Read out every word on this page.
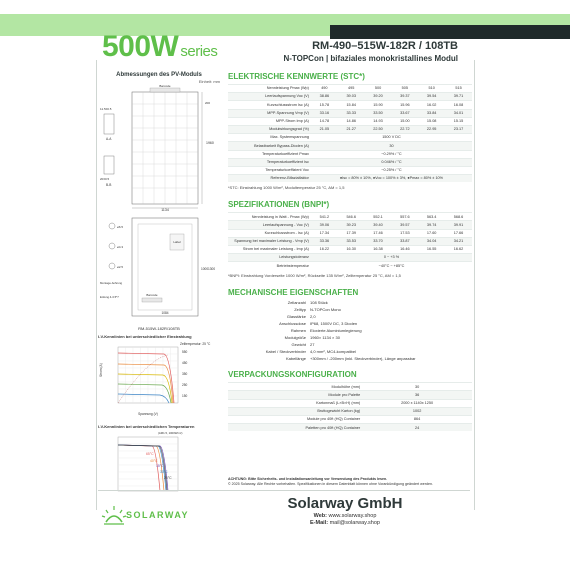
500W series	RM-490–515W-182R / 108TB
N-TOPCon | bifaziales monokristallines Modul
Abmessungen des PV-Moduls
Einheit: mm
Barcode
1960
1134
200
11.5±0.5
A-A
20±0.5
B-B
Label
Barcode
1084
1000 1300
ø6.5
ø4.3
ø2.5
Montage-bohrung
Erdung 4-3.5*7
RM-515W-182R/108TB
I-V-Kennlinien bei unterschiedlicher Einstrahlung
Zelltemperatur: 25 °C
550
450
350
250
150
Spannung (V)
Strom (A)
I-V-Kennlinien bei unterschiedlichen Temperaturen
(AM1.5, 1000W/m²)
65°C
40°C
15°C
30°C
25°C
ELEKTRISCHE KENNWERTE (STC*)
Nennleistung Pmax (Wp)	490	495	500	505	510	515
Leerlaufspannung Voc (V)	38.86	39.03	39.20	39.37	39.54	39.71
Kurzschlussstrom Isc (A)	15.78	15.84	15.90	15.96	16.02	16.08
MPP-Spannung Vmp (V)	33.16	33.33	33.50	33.67	33.84	34.01
MPP-Strom Imp (A)	14.78	14.86	14.93	15.00	15.08	15.15
Modulwirkungsgrad (%)	21.05	21.27	22.50	22.72	22.95	23.17
Max. Systemspannung	1500 V DC					
Belastbarkeit Bypass-Dioden (A)	30					
Temperaturkoeffizient Pmax	−0.29% / °C					
Temperaturkoeffizient Isc	0.046% / °C					
Temperaturkoeffizient Voc	−0.25% / °C					
Referenz-Bifazialfaktor	●Isc = 80% ± 10%, ●Voc = 100% ± 3%, ●Pmax = 80% ± 10%					
*STC: Einstrahlung 1000 W/m², Modultemperatur 25 °C, AM = 1,5
SPEZIFIKATIONEN (BNPI*)
Nennleistung in Watt - Pmax (Wp)	541.2	546.6	552.1	557.6	563.4	568.6
Leerlaufspannung - Voc (V)	39.06	39.23	39.40	39.57	39.74	39.91
Kurzschlussstrom - Isc (A)	17.34	17.39	17.46	17.53	17.60	17.66
Spannung bei maximaler Leistung - Vmp (V)	33.36	33.53	33.70	33.87	34.04	34.21
Strom bei maximaler Leistung - Imp (A)	16.22	16.30	16.38	16.46	16.55	16.62
Leistungstoleranz	0 ~ +3 %					
Betriebstemperatur	−40°C ~ +85°C					
*BNPI: Einstrahlung Vorderseite 1000 W/m², Rückseite 135 W/m², Zelltemperatur 25 °C, AM = 1,5
MECHANISCHE EIGENSCHAFTEN
Zellanzahl	108 Stück
Zelltyp	N-TOPCon Mono
Glasstärke	2,0
Anschlussdose	IP68, 1500V DC, 3 Dioden
Rahmen	Eloxierte Aluminiumlegierung
Modulgröße	1960× 1134 × 30
Gewicht	27
Kabel / Steckverbinder	4,0 mm², MC4-kompatibel
Kabellänge	+300mm / -200mm (inkl. Steckverbinder), Länge anpassbar
VERPACKUNGSKONFIGURATION
Modulhöhe (mm)	30
Module pro Palette	36
Kartonmaß (L×B×H) (mm)	2000 x 1140x 1250
Bruttogewicht Karton (kg)	1002
Module pro 40ft (HQ) Container	864
Paletten pro 40ft (HQ) Container	24
ACHTUNG: Bitte Sicherheits- und Installationsanleitung vor Verwendung des Produkts lesen.
© 2025 Solarway. Alle Rechte vorbehalten. Spezifikationen in diesem Datenblatt können ohne Vorankündigung geändert werden.
SOLARWAY
Solarway GmbH
Web: www.solarway.shop
E-Mail: mail@solarway.shop
